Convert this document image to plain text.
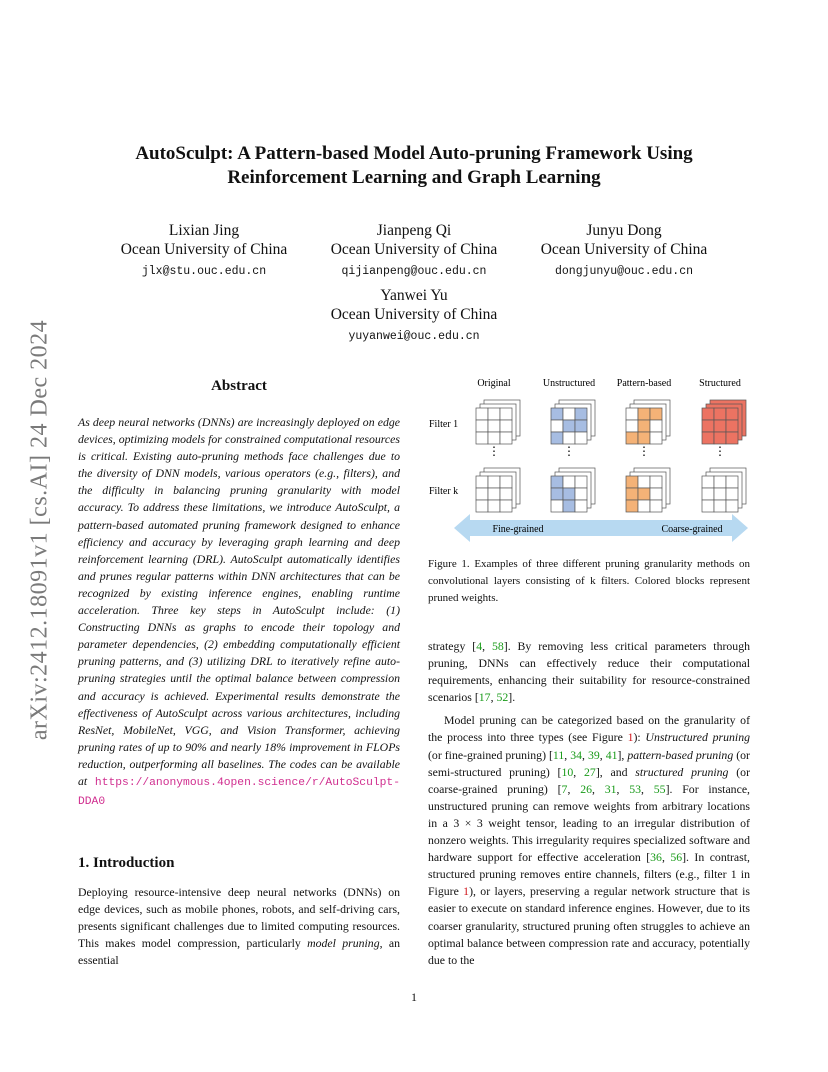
arXiv:2412.18091v1 [cs.AI] 24 Dec 2024
AutoSculpt: A Pattern-based Model Auto-pruning Framework Using
Reinforcement Learning and Graph Learning
Lixian Jing
Ocean University of China
jlx@stu.ouc.edu.cn
Jianpeng Qi
Ocean University of China
qijianpeng@ouc.edu.cn
Junyu Dong
Ocean University of China
dongjunyu@ouc.edu.cn
Yanwei Yu
Ocean University of China
yuyanwei@ouc.edu.cn
Abstract
As deep neural networks (DNNs) are increasingly deployed on edge devices, optimizing models for constrained computational resources is critical. Existing auto-pruning methods face challenges due to the diversity of DNN models, various operators (e.g., filters), and the difficulty in balancing pruning granularity with model accuracy. To address these limitations, we introduce AutoSculpt, a pattern-based automated pruning framework designed to enhance efficiency and accuracy by leveraging graph learning and deep reinforcement learning (DRL). AutoSculpt automatically identifies and prunes regular patterns within DNN architectures that can be recognized by existing inference engines, enabling runtime acceleration. Three key steps in AutoSculpt include: (1) Constructing DNNs as graphs to encode their topology and parameter dependencies, (2) embedding computationally efficient pruning patterns, and (3) utilizing DRL to iteratively refine auto-pruning strategies until the optimal balance between compression and accuracy is achieved. Experimental results demonstrate the effectiveness of AutoSculpt across various architectures, including ResNet, MobileNet, VGG, and Vision Transformer, achieving pruning rates of up to 90% and nearly 18% improvement in FLOPs reduction, outperforming all baselines. The codes can be available at https://anonymous.4open.science/r/AutoSculpt-DDA0
1. Introduction
Deploying resource-intensive deep neural networks (DNNs) on edge devices, such as mobile phones, robots, and self-driving cars, presents significant challenges due to limited computing resources. This makes model compression, particularly model pruning, an essential
Original	Unstructured Pattern-based	Structured
Filter 1
Filter k
⋮	⋮	⋮	⋮
Fine-grained	Coarse-grained
Figure 1. Examples of three different pruning granularity methods on convolutional layers consisting of k filters. Colored blocks represent pruned weights.

strategy [4, 58]. By removing less critical parameters through pruning, DNNs can effectively reduce their computational requirements, enhancing their suitability for resource-constrained scenarios [17, 52].

Model pruning can be categorized based on the granularity of the process into three types (see Figure 1): Unstructured pruning (or fine-grained pruning) [11, 34, 39, 41], pattern-based pruning (or semi-structured pruning) [10, 27], and structured pruning (or coarse-grained pruning) [7, 26, 31, 53, 55]. For instance, unstructured pruning can remove weights from arbitrary locations in a 3 × 3 weight tensor, leading to an irregular distribution of nonzero weights. This irregularity requires specialized software and hardware support for effective acceleration [36, 56]. In contrast, structured pruning removes entire channels, filters (e.g., filter 1 in Figure 1), or layers, preserving a regular network structure that is easier to execute on standard inference engines. However, due to its coarser granularity, structured pruning often struggles to achieve an optimal balance between compression rate and accuracy, potentially due to the

1
